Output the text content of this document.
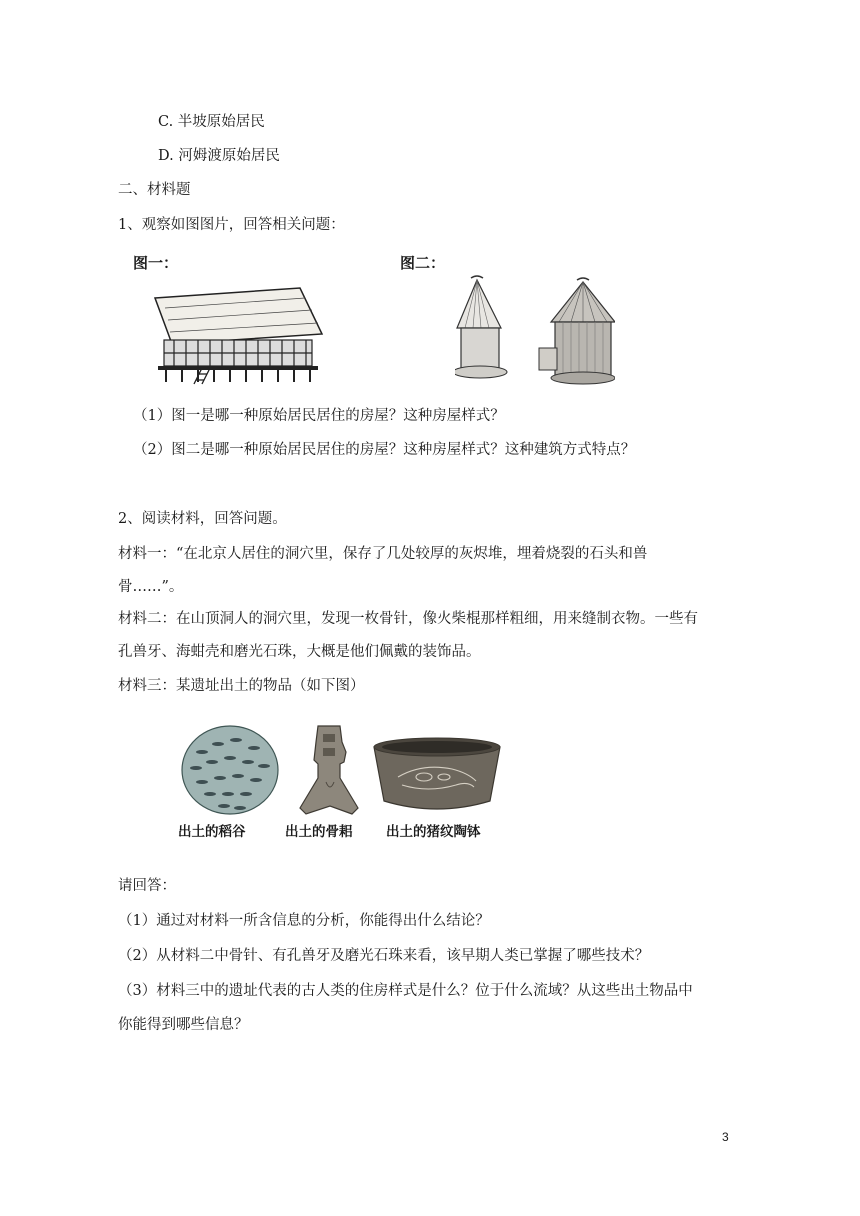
C. 半坡原始居民
D. 河姆渡原始居民
二、材料题
1、观察如图图片，回答相关问题：
图一：	图二：
（1）图一是哪一种原始居民居住的房屋？这种房屋样式？
（2）图二是哪一种原始居民居住的房屋？这种房屋样式？这种建筑方式特点？
2、阅读材料，回答问题。
材料一：“在北京人居住的洞穴里，保存了几处较厚的灰烬堆，埋着烧裂的石头和兽
骨……”。
材料二：在山顶洞人的洞穴里，发现一枚骨针，像火柴棍那样粗细，用来缝制衣物。一些有
孔兽牙、海蚶壳和磨光石珠，大概是他们佩戴的装饰品。
材料三：某遗址出土的物品（如下图）
出土的稻谷	出土的骨耜 出土的猪纹陶钵
请回答：
（1）通过对材料一所含信息的分析，你能得出什么结论？
（2）从材料二中骨针、有孔兽牙及磨光石珠来看，该早期人类已掌握了哪些技术？
（3）材料三中的遗址代表的古人类的住房样式是什么？位于什么流域？从这些出土物品中
你能得到哪些信息？
3
